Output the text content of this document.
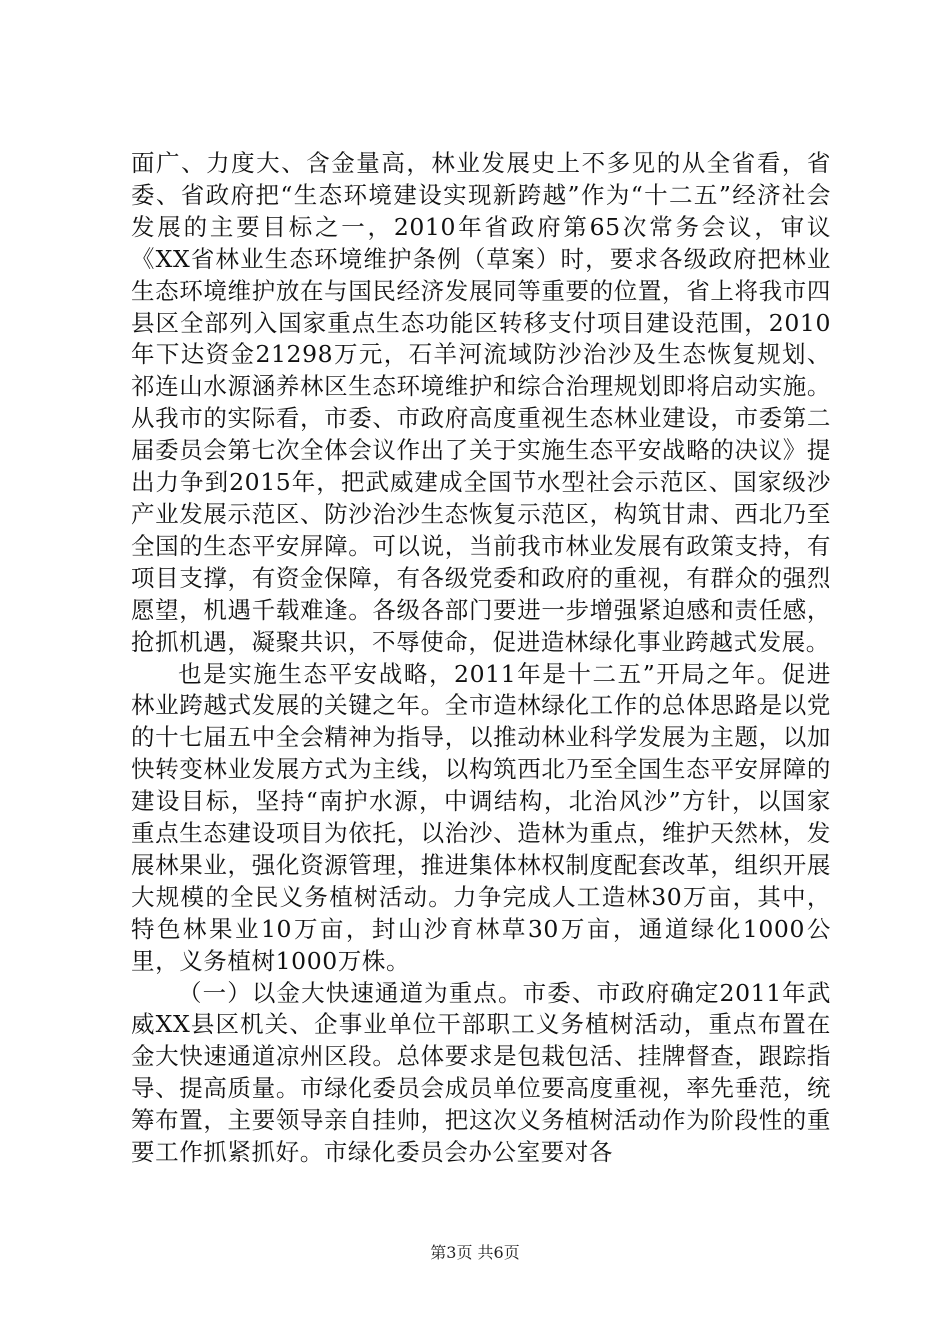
面广、力度大、含金量高，林业发展史上不多见的从全省看，省委、省政府把“生态环境建设实现新跨越”作为“十二五”经济社会发展的主要目标之一，2010年省政府第65次常务会议，审议《XX省林业生态环境维护条例（草案）时，要求各级政府把林业生态环境维护放在与国民经济发展同等重要的位置，省上将我市四县区全部列入国家重点生态功能区转移支付项目建设范围，2010年下达资金21298万元，石羊河流域防沙治沙及生态恢复规划、祁连山水源涵养林区生态环境维护和综合治理规划即将启动实施。从我市的实际看，市委、市政府高度重视生态林业建设，市委第二届委员会第七次全体会议作出了关于实施生态平安战略的决议》提出力争到2015年，把武威建成全国节水型社会示范区、国家级沙产业发展示范区、防沙治沙生态恢复示范区，构筑甘肃、西北乃至全国的生态平安屏障。可以说，当前我市林业发展有政策支持，有项目支撑，有资金保障，有各级党委和政府的重视，有群众的强烈愿望，机遇千载难逢。各级各部门要进一步增强紧迫感和责任感，抢抓机遇，凝聚共识，不辱使命，促进造林绿化事业跨越式发展。

也是实施生态平安战略，2011年是十二五”开局之年。促进林业跨越式发展的关键之年。全市造林绿化工作的总体思路是以党的十七届五中全会精神为指导，以推动林业科学发展为主题，以加快转变林业发展方式为主线，以构筑西北乃至全国生态平安屏障的建设目标，坚持“南护水源，中调结构，北治风沙”方针，以国家重点生态建设项目为依托，以治沙、造林为重点，维护天然林，发展林果业，强化资源管理，推进集体林权制度配套改革，组织开展大规模的全民义务植树活动。力争完成人工造林30万亩，其中，特色林果业10万亩，封山沙育林草30万亩，通道绿化1000公里，义务植树1000万株。

（一）以金大快速通道为重点。市委、市政府确定2011年武威XX县区机关、企事业单位干部职工义务植树活动，重点布置在金大快速通道凉州区段。总体要求是包栽包活、挂牌督查，跟踪指导、提高质量。市绿化委员会成员单位要高度重视，率先垂范，统筹布置，主要领导亲自挂帅，把这次义务植树活动作为阶段性的重要工作抓紧抓好。市绿化委员会办公室要对各

第3页 共6页
